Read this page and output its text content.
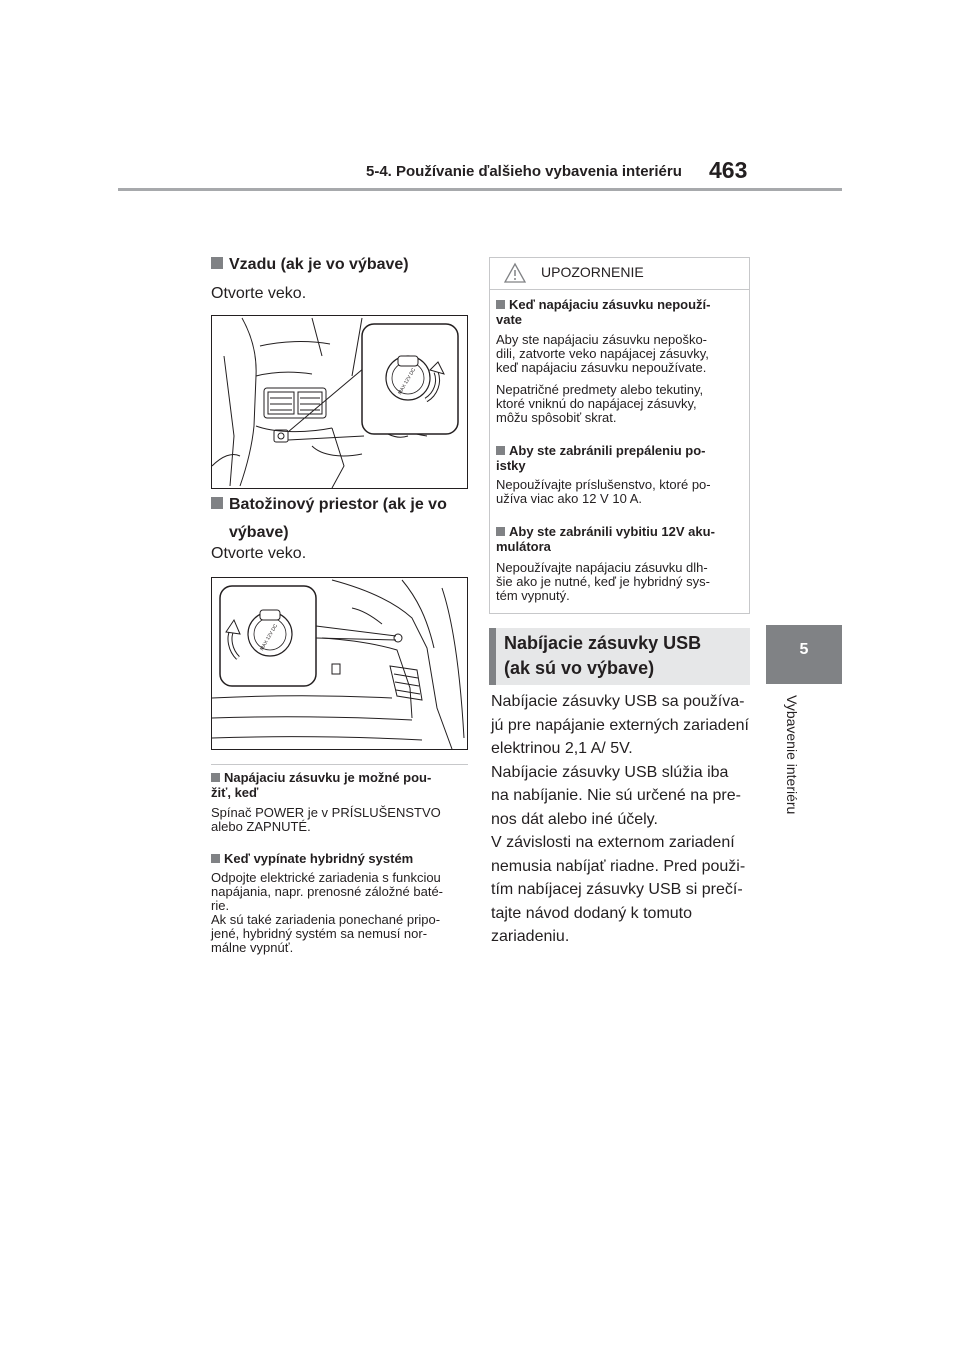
5-4. Používanie ďalšieho vybavenia interiéru 463
5
Vybavenie interiéru
Vzadu (ak je vo výbave)
Otvorte veko.
MAX 12V DC
Batožinový priestor (ak je vo
výbave)
Otvorte veko.
MAX 12V DC
Napájaciu zásuvku je možné pou-
žiť, keď
Spínač POWER je v PRÍSLUŠENSTVO
alebo ZAPNUTÉ.
Keď vypínate hybridný systém
Odpojte elektrické zariadenia s funkciou
napájania, napr. prenosné záložné baté-
rie.
Ak sú také zariadenia ponechané pripo-
jené, hybridný systém sa nemusí nor-
málne vypnúť.
UPOZORNENIE
Keď napájaciu zásuvku nepouží-
vate
Aby ste napájaciu zásuvku nepoško-
dili, zatvorte veko napájacej zásuvky,
keď napájaciu zásuvku nepoužívate.
Nepatričné predmety alebo tekutiny,
ktoré vniknú do napájacej zásuvky,
môžu spôsobiť skrat.
Aby ste zabránili prepáleniu po-
istky
Nepoužívajte príslušenstvo, ktoré po-
užíva viac ako 12 V 10 A.
Aby ste zabránili vybitiu 12V aku-
mulátora
Nepoužívajte napájaciu zásuvku dlh-
šie ako je nutné, keď je hybridný sys-
tém vypnutý.
Nabíjacie zásuvky USB
(ak sú vo výbave)
Nabíjacie zásuvky USB sa používa-
jú pre napájanie externých zariadení
elektrinou 2,1 A/ 5V.
Nabíjacie zásuvky USB slúžia iba
na nabíjanie. Nie sú určené na pre-
nos dát alebo iné účely.
V závislosti na externom zariadení
nemusia nabíjať riadne. Pred použi-
tím nabíjacej zásuvky USB si prečí-
tajte návod dodaný k tomuto
zariadeniu.
